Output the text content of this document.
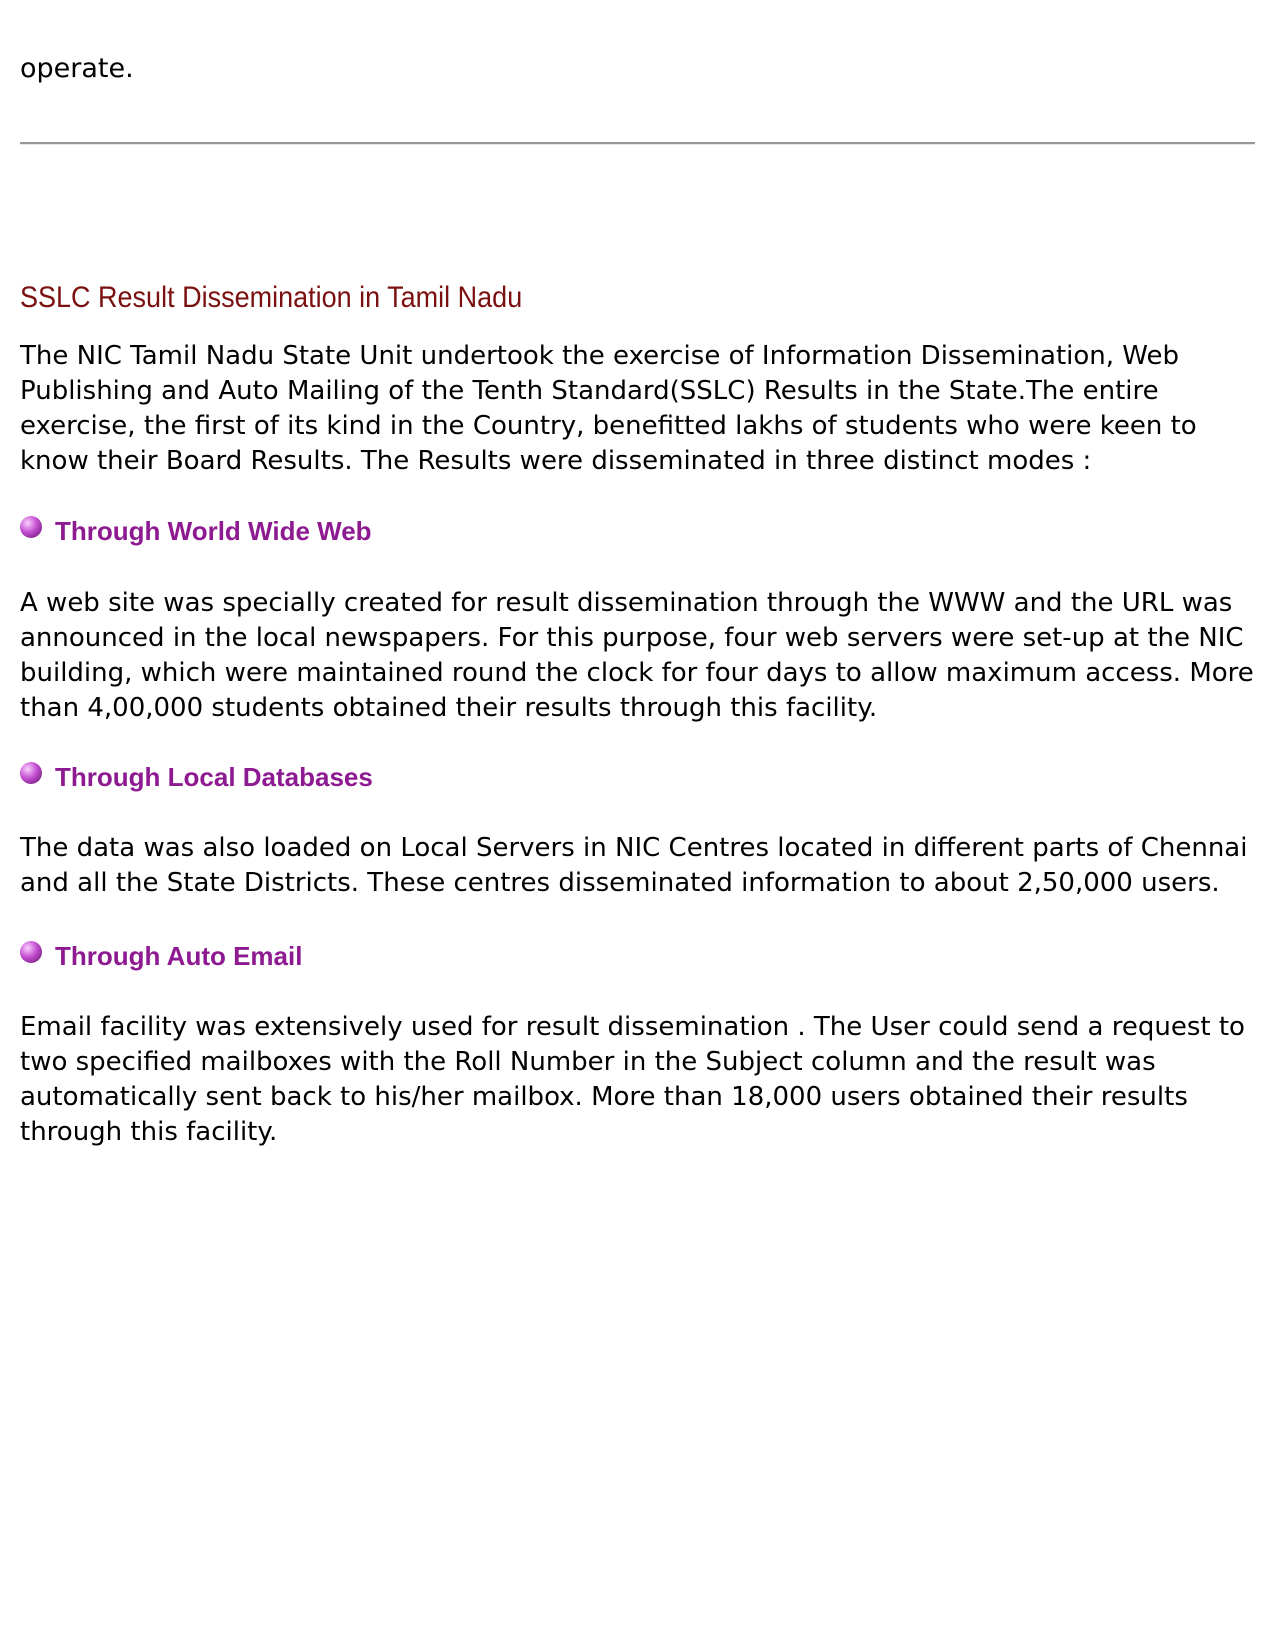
operate.

SSLC Result Dissemination in Tamil Nadu

The NIC Tamil Nadu State Unit undertook the exercise of Information Dissemination, Web Publishing and Auto Mailing of the Tenth Standard(SSLC) Results in the State.The entire exercise, the first of its kind in the Country, benefitted lakhs of students who were keen to know their Board Results. The Results were disseminated in three distinct modes :

Through World Wide Web

A web site was specially created for result dissemination through the WWW and the URL was announced in the local newspapers. For this purpose, four web servers were set-up at the NIC building, which were maintained round the clock for four days to allow maximum access. More than 4,00,000 students obtained their results through this facility.

Through Local Databases

The data was also loaded on Local Servers in NIC Centres located in different parts of Chennai and all the State Districts. These centres disseminated information to about 2,50,000 users.

Through Auto Email

Email facility was extensively used for result dissemination . The User could send a request to two specified mailboxes with the Roll Number in the Subject column and the result was automatically sent back to his/her mailbox. More than 18,000 users obtained their results through this facility.
